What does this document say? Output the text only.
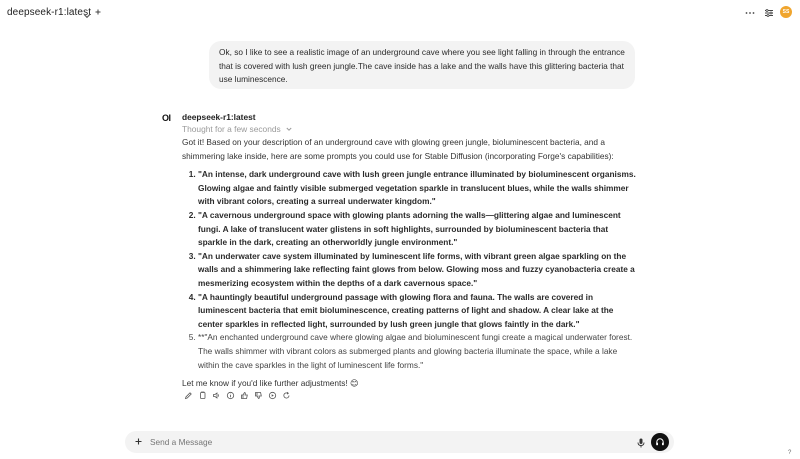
deepseek-r1:latest	SS
Ok, so I like to see a realistic image of an underground cave where you see light falling in through the entrance that is covered with lush green jungle.The cave inside has a lake and the walls have this glittering bacteria that use luminescence.
OI	deepseek-r1:latest
Thought for a few seconds

Got it! Based on your description of an underground cave with glowing green jungle, bioluminescent bacteria, and a shimmering lake inside, here are some prompts you could use for Stable Diffusion (incorporating Forge's capabilities):

1. "An intense, dark underground cave with lush green jungle entrance illuminated by bioluminescent organisms. Glowing algae and faintly visible submerged vegetation sparkle in translucent blues, while the walls shimmer with vibrant colors, creating a surreal underwater kingdom."
2. "A cavernous underground space with glowing plants adorning the walls—glittering algae and luminescent fungi. A lake of translucent water glistens in soft highlights, surrounded by bioluminescent bacteria that sparkle in the dark, creating an otherworldly jungle environment."
3. "An underwater cave system illuminated by luminescent life forms, with vibrant green algae sparkling on the walls and a shimmering lake reflecting faint glows from below. Glowing moss and fuzzy cyanobacteria create a mesmerizing ecosystem within the depths of a dark cavernous space."
4. "A hauntingly beautiful underground passage with glowing flora and fauna. The walls are covered in luminescent bacteria that emit bioluminescence, creating patterns of light and shadow. A clear lake at the center sparkles in reflected light, surrounded by lush green jungle that glows faintly in the dark."
5. **"An enchanted underground cave where glowing algae and bioluminescent fungi create a magical underwater forest. The walls shimmer with vibrant colors as submerged plants and glowing bacteria illuminate the space, while a lake within the cave sparkles in the light of luminescent life forms."

Let me know if you'd like further adjustments! 😊

Send a Message
?
